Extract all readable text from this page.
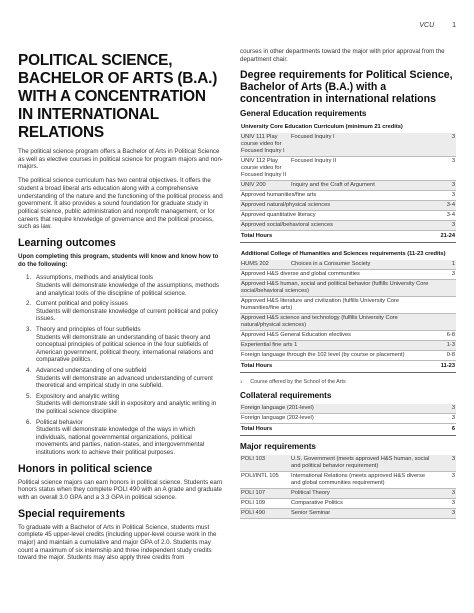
VCU	1
POLITICAL SCIENCE, BACHELOR OF ARTS (B.A.) WITH A CONCENTRATION IN INTERNATIONAL RELATIONS

The political science program offers a Bachelor of Arts in Political Science as well as elective courses in political science for program majors and non-majors.

The political science curriculum has two central objectives. It offers the student a broad liberal arts education along with a comprehensive understanding of the nature and the functioning of the political process and government. It also provides a sound foundation for graduate study in political science, public administration and nonprofit management, or for careers that require knowledge of governance and the political process, such as law.

Learning outcomes

Upon completing this program, students will know and know how to do the following:

1. Assumptions, methods and analytical tools
Students will demonstrate knowledge of the assumptions, methods and analytical tools of the discipline of political science.
2. Current political and policy issues
Students will demonstrate knowledge of current political and policy issues.
3. Theory and principles of four subfields
Students will demonstrate an understanding of basic theory and conceptual principles of political science in the four subfields of American government, political theory, international relations and comparative politics.
4. Advanced understanding of one subfield
Students will demonstrate an advanced understanding of current theoretical and empirical study in one subfield.
5. Expository and analytic writing
Students will demonstrate skill in expository and analytic writing in the political science discipline
6. Political behavior
Students will demonstrate knowledge of the ways in which individuals, national governmental organizations, political movements and parties, nation-states, and intergovernmental institutions work to achieve their political purposes.
Honors in political science

Political science majors can earn honors in political science. Students earn honors status when they complete POLI 490 with an A grade and graduate with an overall 3.0 GPA and a 3.3 GPA in political science.

Special requirements

To graduate with a Bachelor of Arts in Political Science, students must complete 45 upper-level credits (including upper-level course work in the major) and maintain a cumulative and major GPA of 2.0. Students may count a maximum of six internship and three independent study credits toward the major. Students may also apply three credits from

courses in other departments toward the major with prior approval from the department chair.

Degree requirements for Political Science, Bachelor of Arts (B.A.) with a concentration in international relations
General Education requirements
University Core Education Curriculum (minimum 21 credits)		
UNIV 111 Play course video for Focused Inquiry I	Focused Inquiry I	3
UNIV 112 Play course video for Focused Inquiry II	Focused Inquiry II	3
UNIV 200	Inquiry and the Craft of Argument	3
Approved humanities/fine arts		3
Approved natural/physical sciences		3-4
Approved quantitative literacy		3-4
Approved social/behavioral sciences		3
Total Hours		21-24
Additional College of Humanities and Sciences requirements (11-23 credits)		
HUMS 202	Choices in a Consumer Society	1
Approved H&S diverse and global communities		3
Approved H&S human, social and political behavior (fulfills University Core social/behavioral sciences)		
Approved H&S literature and civilization (fulfills University Core humanities/fine arts)		
Approved H&S science and technology (fulfills University Core natural/physical sciences)		
Approved H&S General Education electives		6-8
Experiential fine arts 1		1-3
Foreign language through the 102 level (by course or placement)		0-8
Total Hours		11-23
1 Course offered by the School of the Arts
Collateral requirements
Foreign language (201-level)	3
Foreign language (202-level)	3
Total Hours	6
Major requirements
POLI 103	U.S. Government (meets approved H&S human, social and political behavior requirement)	3
POLI/INTL 105	International Relations (meets approved H&S diverse and global communities requirement)	3
POLI 107	Political Theory	3
POLI 109	Comparative Politics	3
POLI 490	Senior Seminar	3
